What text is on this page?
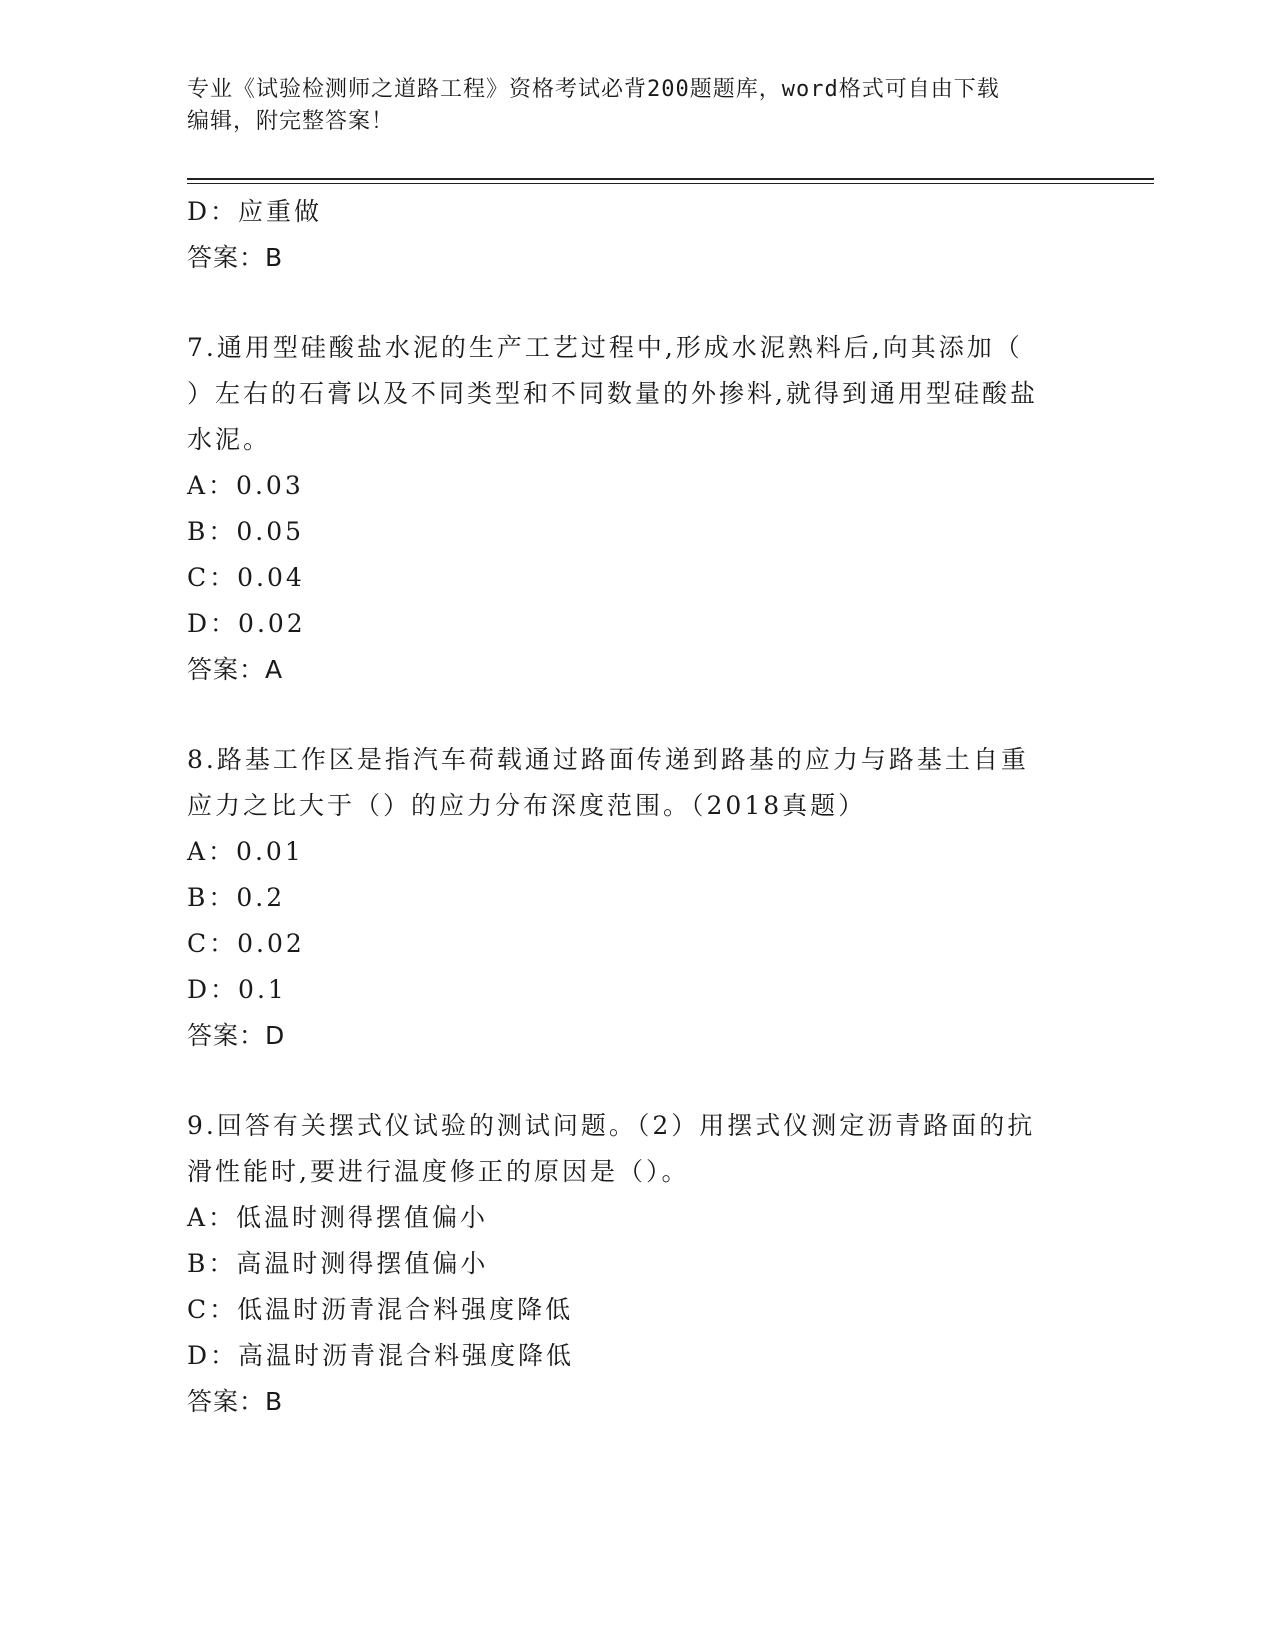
专业《试验检测师之道路工程》资格考试必背200题题库，word格式可自由下载
编辑，附完整答案！
D：应重做
答案：B
7.通用型硅酸盐水泥的生产工艺过程中,形成水泥熟料后,向其添加（
）左右的石膏以及不同类型和不同数量的外掺料,就得到通用型硅酸盐
水泥。
A：0.03
B：0.05
C：0.04
D：0.02
答案：A
8.路基工作区是指汽车荷载通过路面传递到路基的应力与路基土自重
应力之比大于（）的应力分布深度范围。（2018真题）
A：0.01
B：0.2
C：0.02
D：0.1
答案：D
9.回答有关摆式仪试验的测试问题。（2）用摆式仪测定沥青路面的抗
滑性能时,要进行温度修正的原因是（）。
A：低温时测得摆值偏小
B：高温时测得摆值偏小
C：低温时沥青混合料强度降低
D：高温时沥青混合料强度降低
答案：B
